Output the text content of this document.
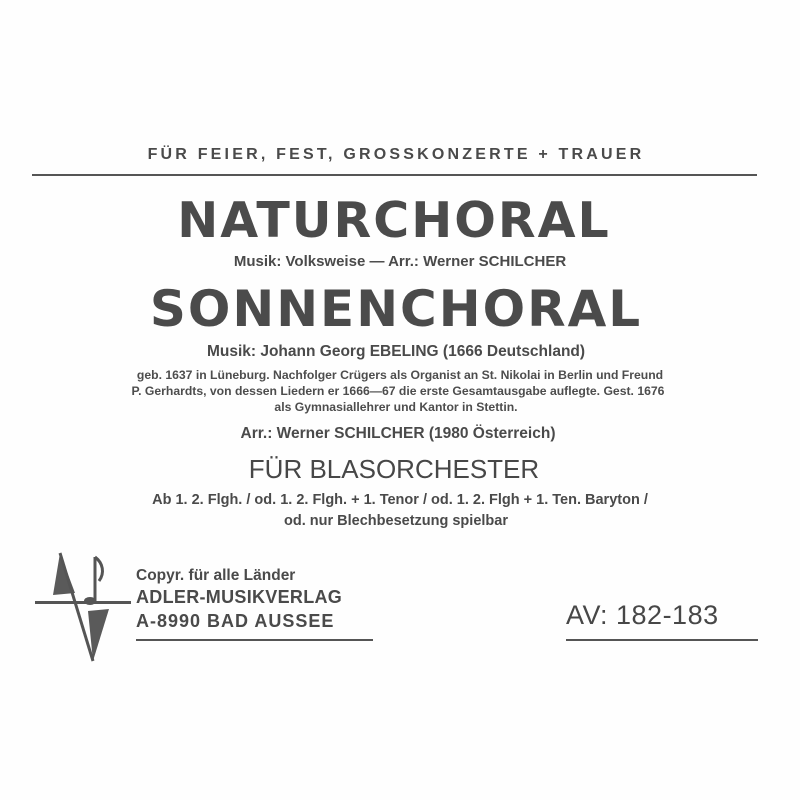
FÜR FEIER, FEST, GROSSKONZERTE + TRAUER
NATURCHORAL
Musik: Volksweise — Arr.: Werner SCHILCHER
SONNENCHORAL
Musik: Johann Georg EBELING (1666 Deutschland)
geb. 1637 in Lüneburg. Nachfolger Crügers als Organist an St. Nikolai in Berlin und Freund
P. Gerhardts, von dessen Liedern er 1666—67 die erste Gesamtausgabe auflegte. Gest. 1676
als Gymnasiallehrer und Kantor in Stettin.
Arr.: Werner SCHILCHER (1980 Österreich)
FÜR BLASORCHESTER
Ab 1. 2. Flgh. / od. 1. 2. Flgh. + 1. Tenor / od. 1. 2. Flgh + 1. Ten. Baryton /
od. nur Blechbesetzung spielbar
Copyr. für alle Länder
ADLER-MUSIKVERLAG
A-8990 BAD AUSSEE	AV: 182-183
